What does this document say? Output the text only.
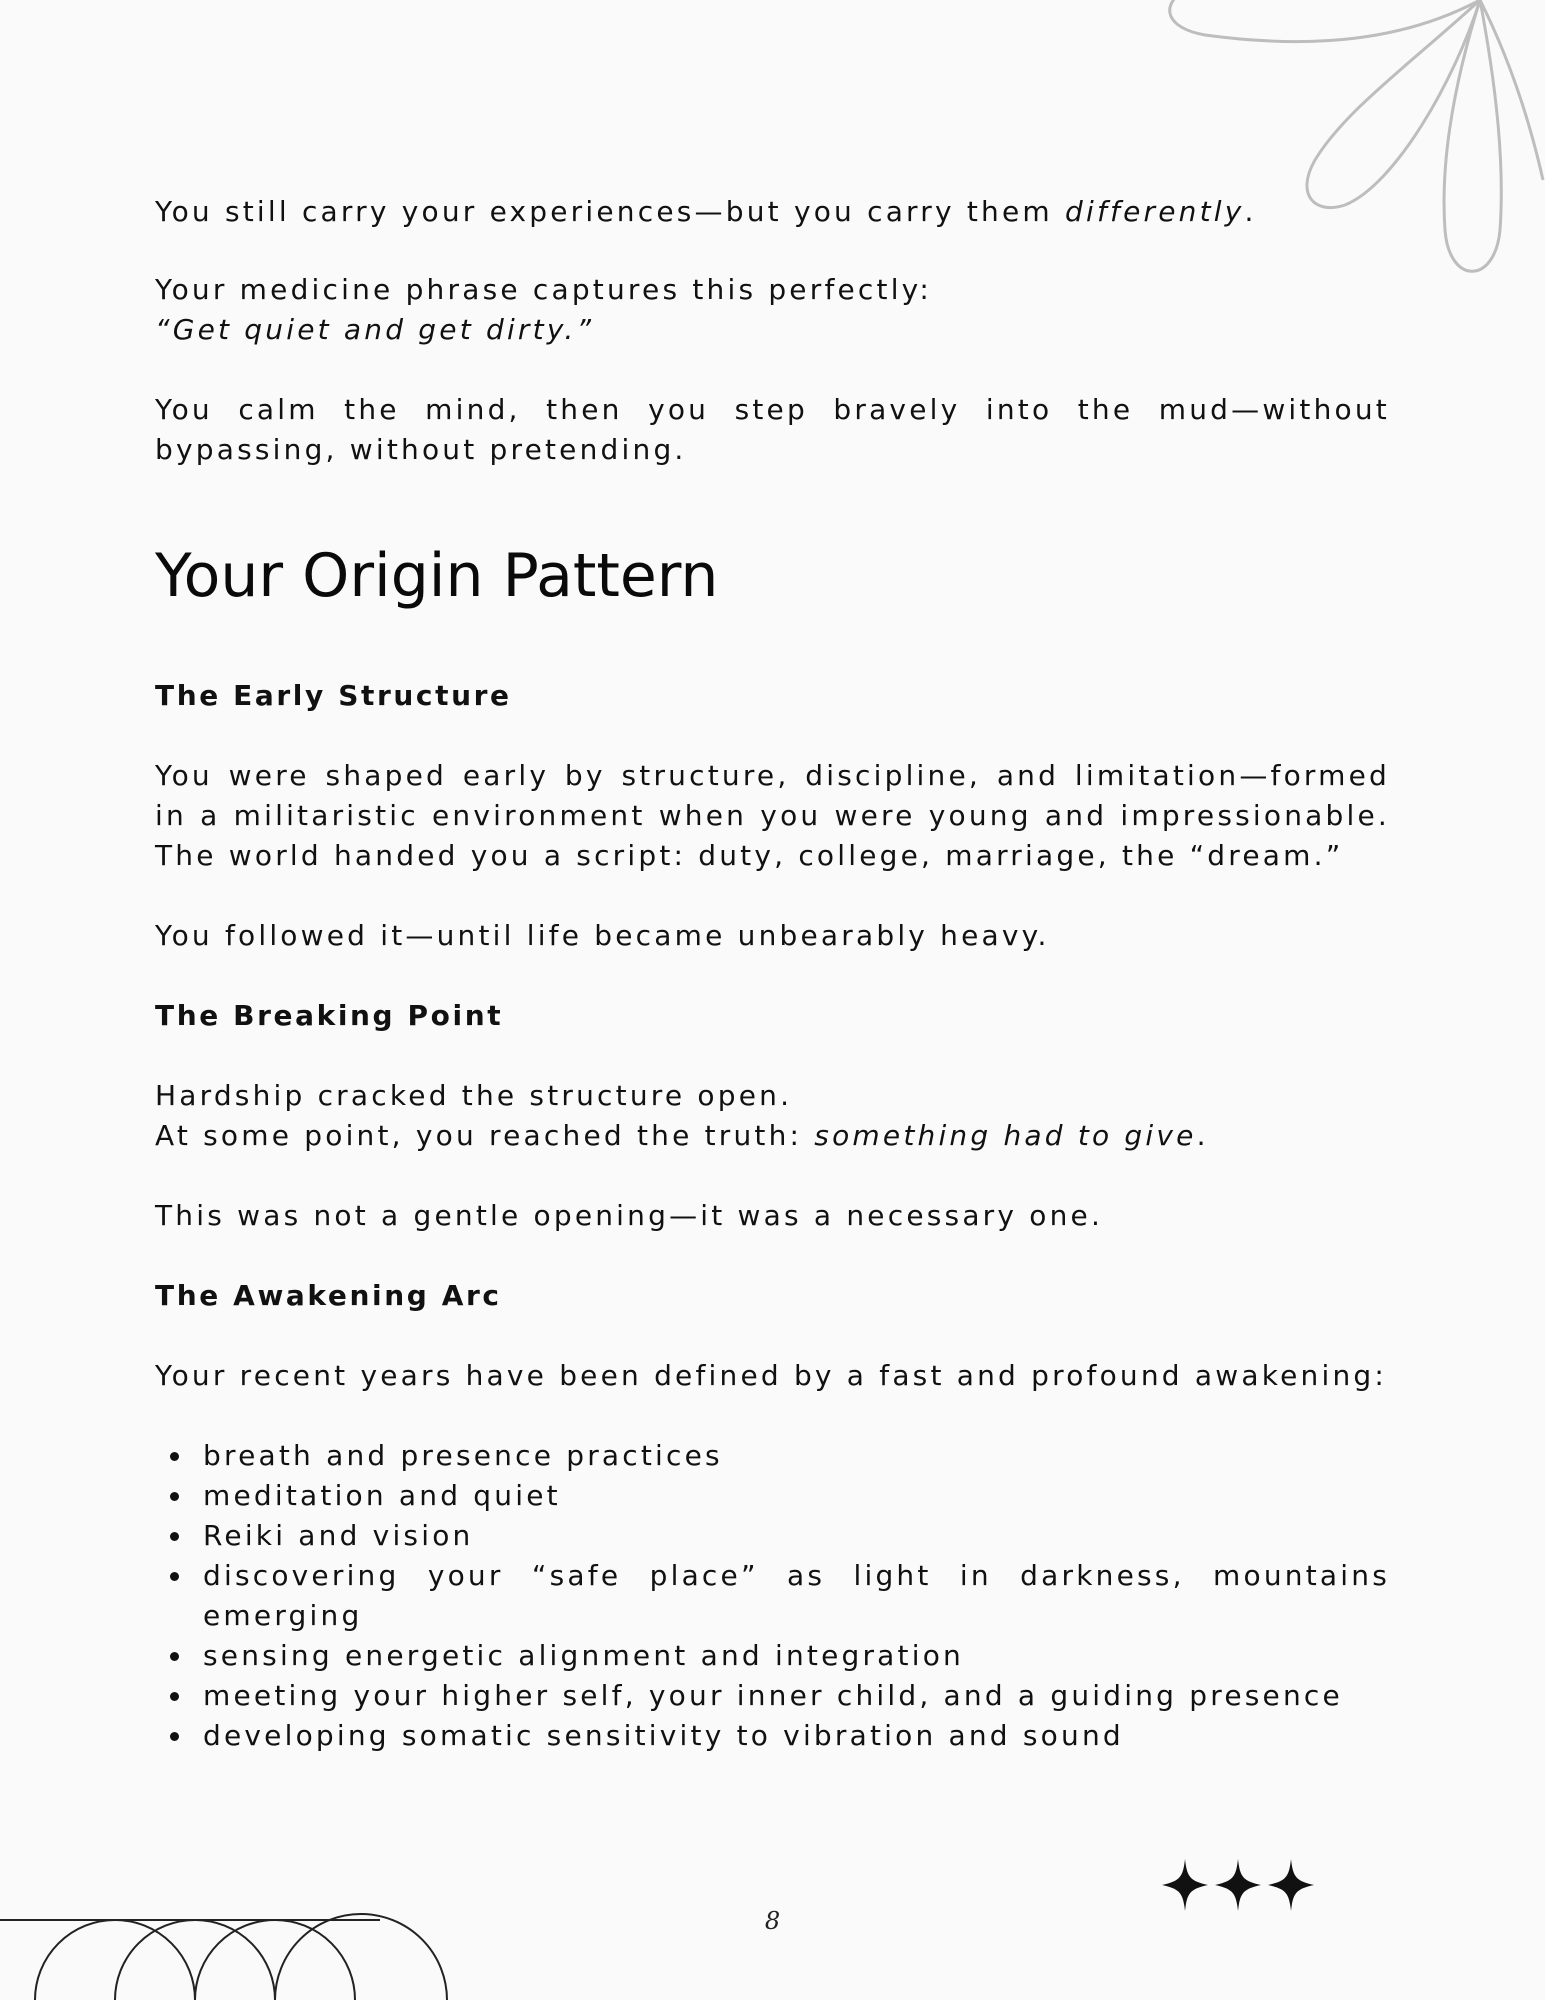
You still carry your experiences—but you carry them differently.

Your medicine phrase captures this perfectly:

“Get quiet and get dirty.”

You calm the mind, then you step bravely into the mud—without bypassing, without pretending.

Your Origin Pattern
The Early Structure

You were shaped early by structure, discipline, and limitation—formed in a militaristic environment when you were young and impressionable. The world handed you a script: duty, college, marriage, the “dream.”

You followed it—until life became unbearably heavy.

The Breaking Point

Hardship cracked the structure open.

At some point, you reached the truth: something had to give.

This was not a gentle opening—it was a necessary one.

The Awakening Arc

Your recent years have been defined by a fast and profound awakening:

breath and presence practices
meditation and quiet
Reiki and vision
discovering your “safe place” as light in darkness, mountains emerging
sensing energetic alignment and integration
meeting your higher self, your inner child, and a guiding presence
developing somatic sensitivity to vibration and sound
8
